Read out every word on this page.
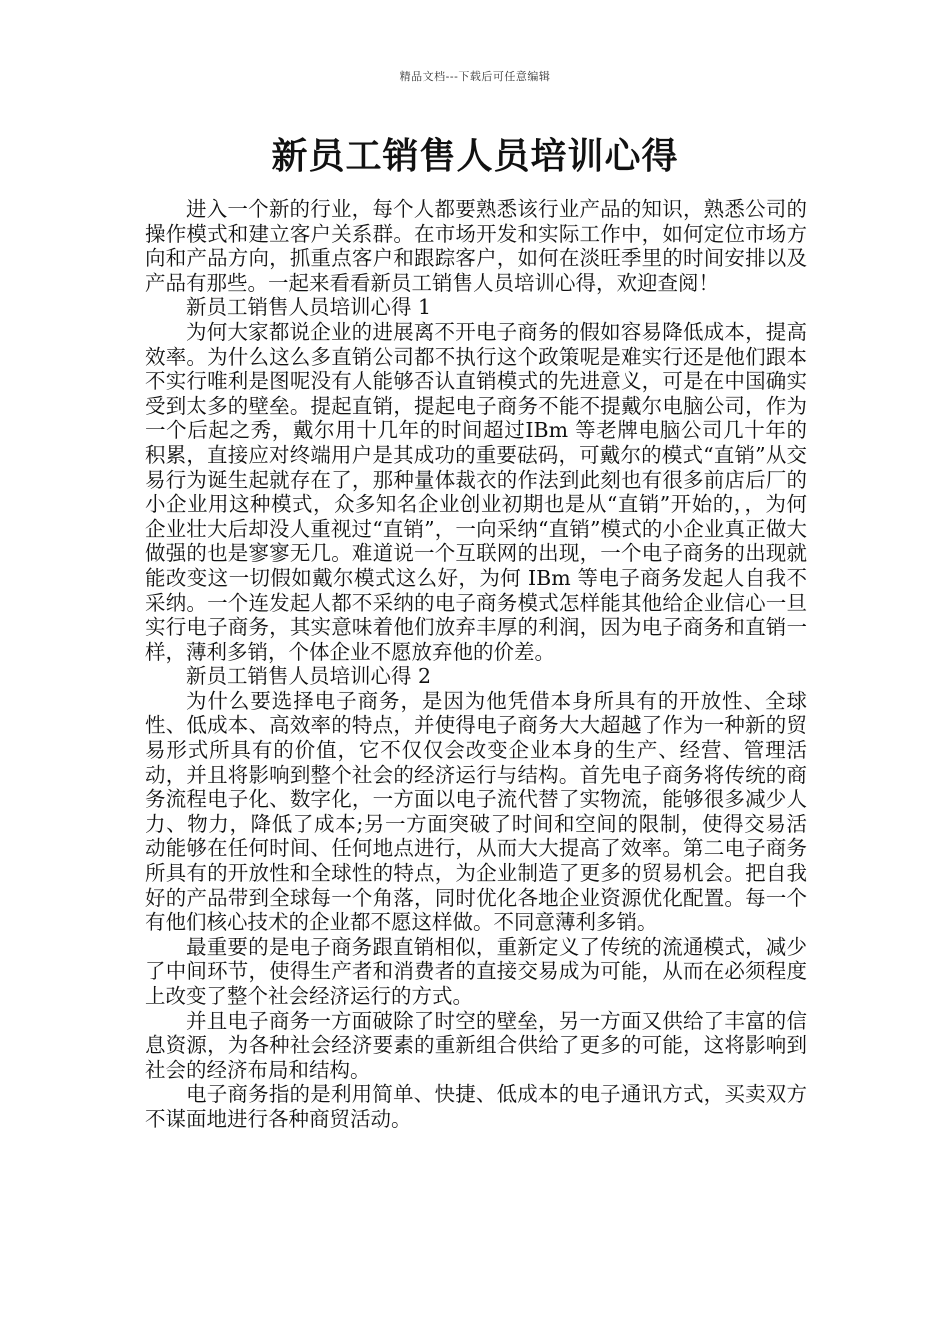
精品文档---下载后可任意编辑
新员工销售人员培训心得

进入一个新的行业，每个人都要熟悉该行业产品的知识，熟悉公司的操作模式和建立客户关系群。在市场开发和实际工作中，如何定位市场方向和产品方向，抓重点客户和跟踪客户，如何在淡旺季里的时间安排以及产品有那些。一起来看看新员工销售人员培训心得，欢迎查阅！

新员工销售人员培训心得 1

为何大家都说企业的进展离不开电子商务的假如容易降低成本，提高效率。为什么这么多直销公司都不执行这个政策呢是难实行还是他们跟本不实行唯利是图呢没有人能够否认直销模式的先进意义，可是在中国确实受到太多的壁垒。提起直销，提起电子商务不能不提戴尔电脑公司，作为一个后起之秀，戴尔用十几年的时间超过IBm 等老牌电脑公司几十年的积累，直接应对终端用户是其成功的重要砝码，可戴尔的模式“直销”从交易行为诞生起就存在了，那种量体裁衣的作法到此刻也有很多前店后厂的小企业用这种模式，众多知名企业创业初期也是从“直销”开始的，，为何企业壮大后却没人重视过“直销”，一向采纳“直销”模式的小企业真正做大做强的也是寥寥无几。难道说一个互联网的出现，一个电子商务的出现就能改变这一切假如戴尔模式这么好，为何 IBm 等电子商务发起人自我不采纳。一个连发起人都不采纳的电子商务模式怎样能其他给企业信心一旦实行电子商务，其实意味着他们放弃丰厚的利润，因为电子商务和直销一样，薄利多销，个体企业不愿放弃他的价差。

新员工销售人员培训心得 2

为什么要选择电子商务，是因为他凭借本身所具有的开放性、全球性、低成本、高效率的特点，并使得电子商务大大超越了作为一种新的贸易形式所具有的价值，它不仅仅会改变企业本身的生产、经营、管理活动，并且将影响到整个社会的经济运行与结构。首先电子商务将传统的商务流程电子化、数字化，一方面以电子流代替了实物流，能够很多减少人力、物力，降低了成本;另一方面突破了时间和空间的限制，使得交易活动能够在任何时间、任何地点进行，从而大大提高了效率。第二电子商务所具有的开放性和全球性的特点，为企业制造了更多的贸易机会。把自我好的产品带到全球每一个角落，同时优化各地企业资源优化配置。每一个有他们核心技术的企业都不愿这样做。不同意薄利多销。

最重要的是电子商务跟直销相似，重新定义了传统的流通模式，减少了中间环节，使得生产者和消费者的直接交易成为可能，从而在必须程度上改变了整个社会经济运行的方式。

并且电子商务一方面破除了时空的壁垒，另一方面又供给了丰富的信息资源，为各种社会经济要素的重新组合供给了更多的可能，这将影响到社会的经济布局和结构。

电子商务指的是利用简单、快捷、低成本的电子通讯方式，买卖双方不谋面地进行各种商贸活动。
